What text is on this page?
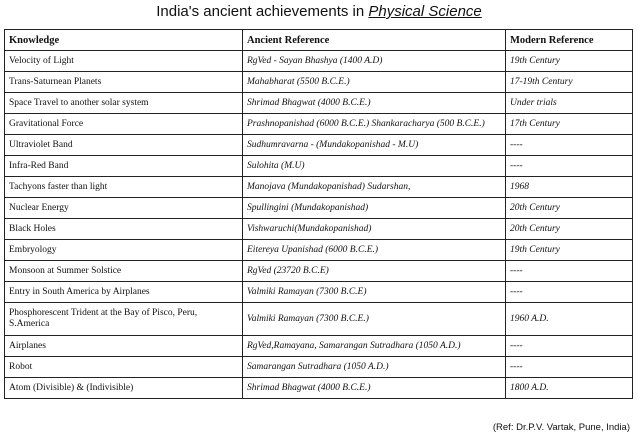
India's ancient achievements in Physical Science
Knowledge	Ancient Reference	Modern Reference
Velocity of Light	RgVed - Sayan Bhashya (1400 A.D)	19th Century
Trans-Saturnean Planets	Mahabharat (5500 B.C.E.)	17-19th Century
Space Travel to another solar system	Shrimad Bhagwat (4000 B.C.E.)	Under trials
Gravitational Force	Prashnopanishad (6000 B.C.E.) Shankaracharya (500 B.C.E.)	17th Century
Ultraviolet Band	Sudhumravarna - (Mundakopanishad - M.U)	----
Infra-Red Band	Sulohita (M.U)	----
Tachyons faster than light	Manojava (Mundakopanishad) Sudarshan,	1968
Nuclear Energy	Spullingini (Mundakopanishad)	20th Century
Black Holes	Vishwaruchi(Mundakopanishad)	20th Century
Embryology	Eitereya Upanishad (6000 B.C.E.)	19th Century
Monsoon at Summer Solstice	RgVed (23720 B.C.E)	----
Entry in South America by Airplanes	Valmiki Ramayan (7300 B.C.E)	----
Phosphorescent Trident at the Bay of Pisco, Peru, S.America	Valmiki Ramayan (7300 B.C.E.)	1960 A.D.
Airplanes	RgVed,Ramayana, Samarangan Sutradhara (1050 A.D.)	----
Robot	Samarangan Sutradhara (1050 A.D.)	----
Atom (Divisible) & (Indivisible)	Shrimad Bhagwat (4000 B.C.E.)	1800 A.D.
(Ref: Dr.P.V. Vartak, Pune, India)
